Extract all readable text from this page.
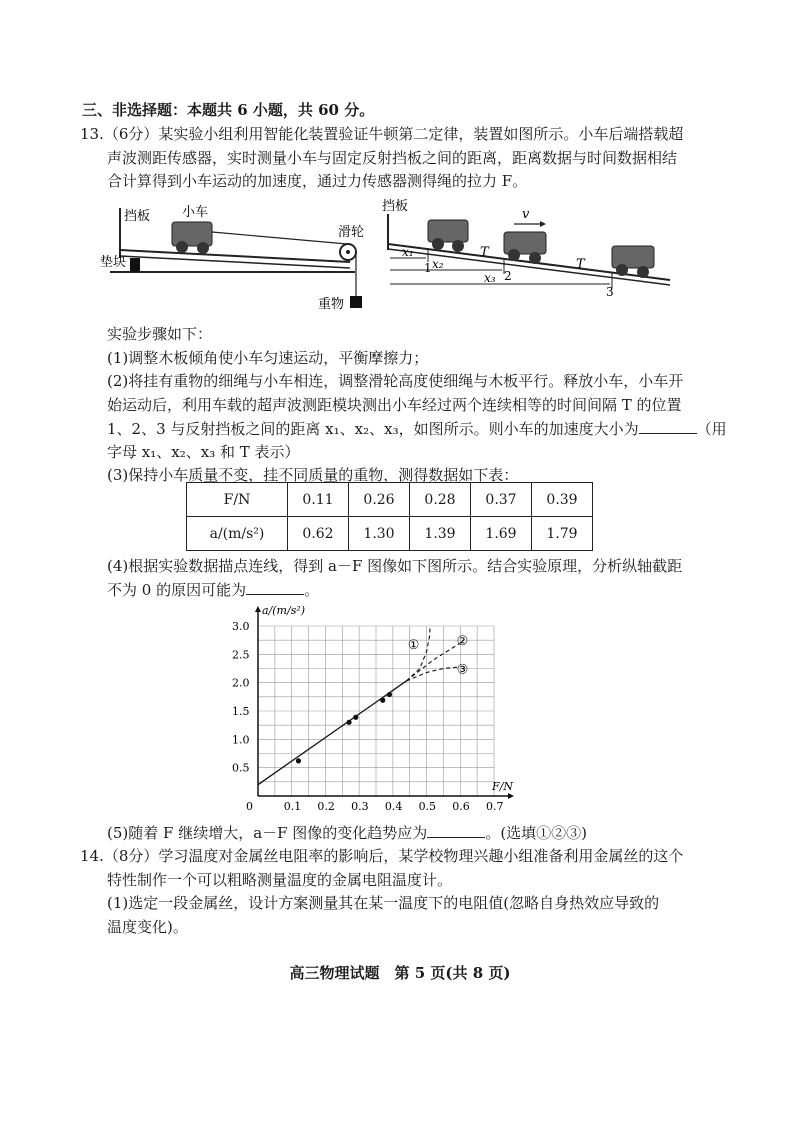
三、非选择题：本题共 6 小题，共 60 分。
13.（6分）某实验小组利用智能化装置验证牛顿第二定律，装置如图所示。小车后端搭载超
声波测距传感器，实时测量小车与固定反射挡板之间的距离，距离数据与时间数据相结
合计算得到小车运动的加速度，通过力传感器测得绳的拉力 F。
挡板 小车
滑轮
垫块
重物
挡板
v
T
T
x₁
x₂
x₃
1
2
3
实验步骤如下：
(1)调整木板倾角使小车匀速运动，平衡摩擦力；
(2)将挂有重物的细绳与小车相连，调整滑轮高度使细绳与木板平行。释放小车，小车开
始运动后，利用车载的超声波测距模块测出小车经过两个连续相等的时间间隔 T 的位置
1、2、3 与反射挡板之间的距离 x₁、x₂、x₃，如图所示。则小车的加速度大小为	（用
字母 x₁、x₂、x₃ 和 T 表示）
(3)保持小车质量不变，挂不同质量的重物，测得数据如下表：
F/N	0.11	0.26	0.28	0.37	0.39
a/(m/s²)	0.62	1.30	1.39	1.69	1.79
(4)根据实验数据描点连线，得到 a－F 图像如下图所示。结合实验原理，分析纵轴截距
不为 0 的原因可能为	。
0	0.1 0.2 0.3 0.4 0.5 0.6 0.7
0.5
1.0
1.5
2.0
2.5
3.0
F/N
a/(m/s²)
①	②
③
(5)随着 F 继续增大，a－F 图像的变化趋势应为	。(选填①②③)
14.（8分）学习温度对金属丝电阻率的影响后，某学校物理兴趣小组准备利用金属丝的这个
特性制作一个可以粗略测量温度的金属电阻温度计。
(1)选定一段金属丝，设计方案测量其在某一温度下的电阻值(忽略自身热效应导致的
温度变化)。
高三物理试题　第 5 页(共 8 页)
